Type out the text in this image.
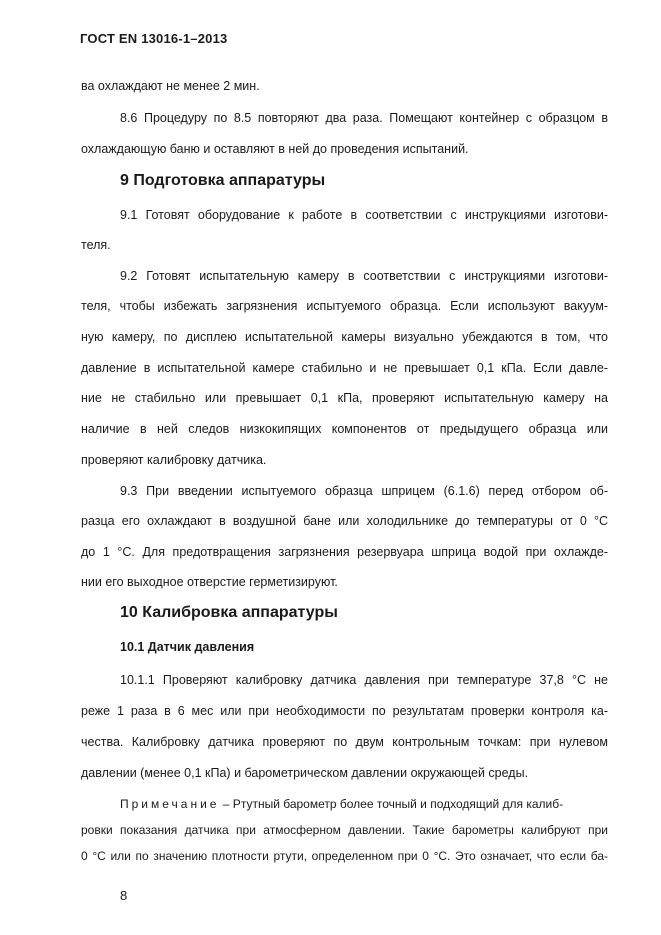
ГОСТ EN 13016-1–2013
ва охлаждают не менее 2 мин.
8.6 Процедуру по 8.5 повторяют два раза. Помещают контейнер с образцом в
охлаждающую баню и оставляют в ней до проведения испытаний.
9 Подготовка аппаратуры
9.1 Готовят оборудование к работе в соответствии с инструкциями изготови-
теля.
9.2 Готовят испытательную камеру в соответствии с инструкциями изготови-
теля, чтобы избежать загрязнения испытуемого образца. Если используют вакуум-
ную камеру, по дисплею испытательной камеры визуально убеждаются в том, что
давление в испытательной камере стабильно и не превышает 0,1 кПа. Если давле-
ние не стабильно или превышает 0,1 кПа, проверяют испытательную камеру на
наличие в ней следов низкокипящих компонентов от предыдущего образца или
проверяют калибровку датчика.
9.3 При введении испытуемого образца шприцем (6.1.6) перед отбором об-
разца его охлаждают в воздушной бане или холодильнике до температуры от 0 °С
до 1 °С. Для предотвращения загрязнения резервуара шприца водой при охлажде-
нии его выходное отверстие герметизируют.
10 Калибровка аппаратуры
10.1 Датчик давления
10.1.1 Проверяют калибровку датчика давления при температуре 37,8 °С не
реже 1 раза в 6 мес или при необходимости по результатам проверки контроля ка-
чества. Калибровку датчика проверяют по двум контрольным точкам: при нулевом
давлении (менее 0,1 кПа) и барометрическом давлении окружающей среды.
Примечание – Ртутный барометр более точный и подходящий для калиб-
ровки показания датчика при атмосферном давлении. Такие барометры калибруют при
0 °С или по значению плотности ртути, определенном при 0 °С. Это означает, что если ба-
8
